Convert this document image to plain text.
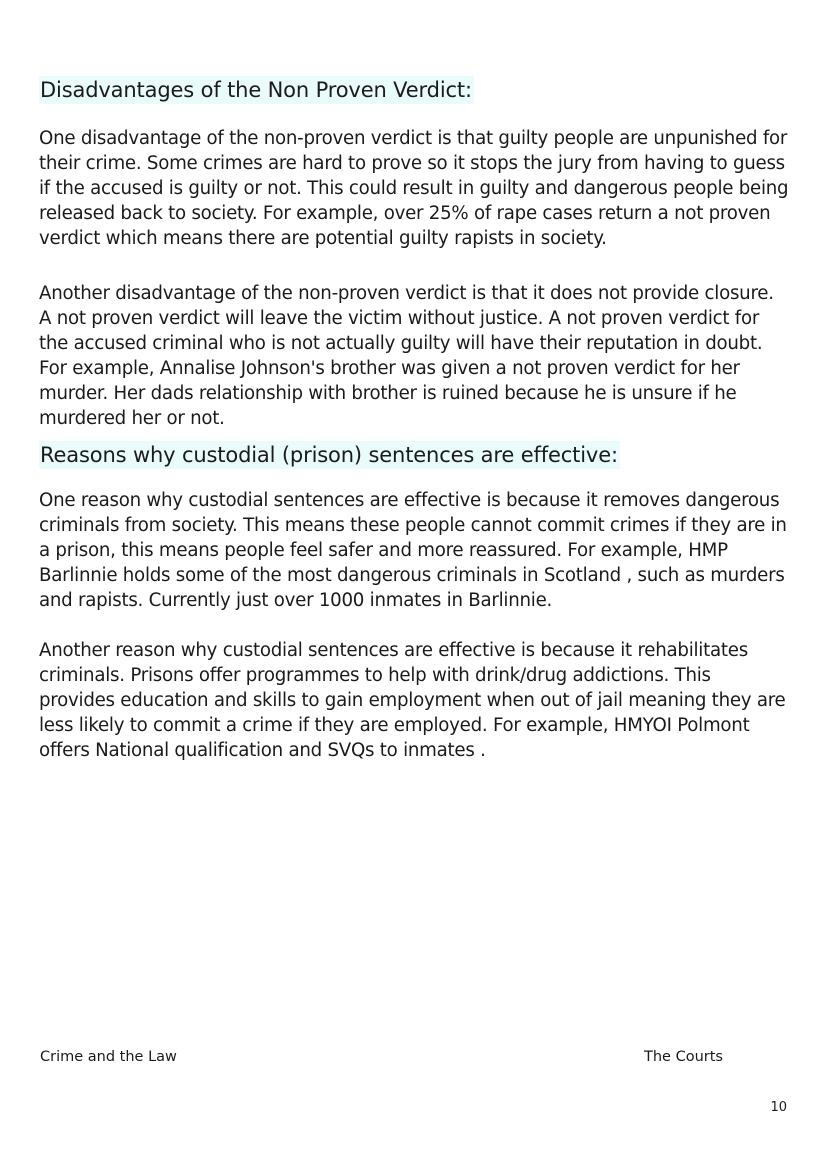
Disadvantages of the Non Proven Verdict:

One disadvantage of the non-proven verdict is that guilty people are unpunished for their crime. Some crimes are hard to prove so it stops the jury from having to guess if the accused is guilty or not. This could result in guilty and dangerous people being released back to society. For example, over 25% of rape cases return a not proven verdict which means there are potential guilty rapists in society.

Another disadvantage of the non-proven verdict is that it does not provide closure. A not proven verdict will leave the victim without justice. A not proven verdict for the accused criminal who is not actually guilty will have their reputation in doubt. For example, Annalise Johnson's brother was given a not proven verdict for her murder. Her dads relationship with brother is ruined because he is unsure if he murdered her or not.

Reasons why custodial (prison) sentences are effective:

One reason why custodial sentences are effective is because it removes dangerous criminals from society. This means these people cannot commit crimes if they are in a prison, this means people feel safer and more reassured. For example, HMP Barlinnie holds some of the most dangerous criminals in Scotland , such as murders and rapists. Currently just over 1000 inmates in Barlinnie.

Another reason why custodial sentences are effective is because it rehabilitates criminals. Prisons offer programmes to help with drink/drug addictions. This provides education and skills to gain employment when out of jail meaning they are less likely to commit a crime if they are employed. For example, HMYOI Polmont offers National qualification and SVQs to inmates .

Crime and the Law	The Courts
10
